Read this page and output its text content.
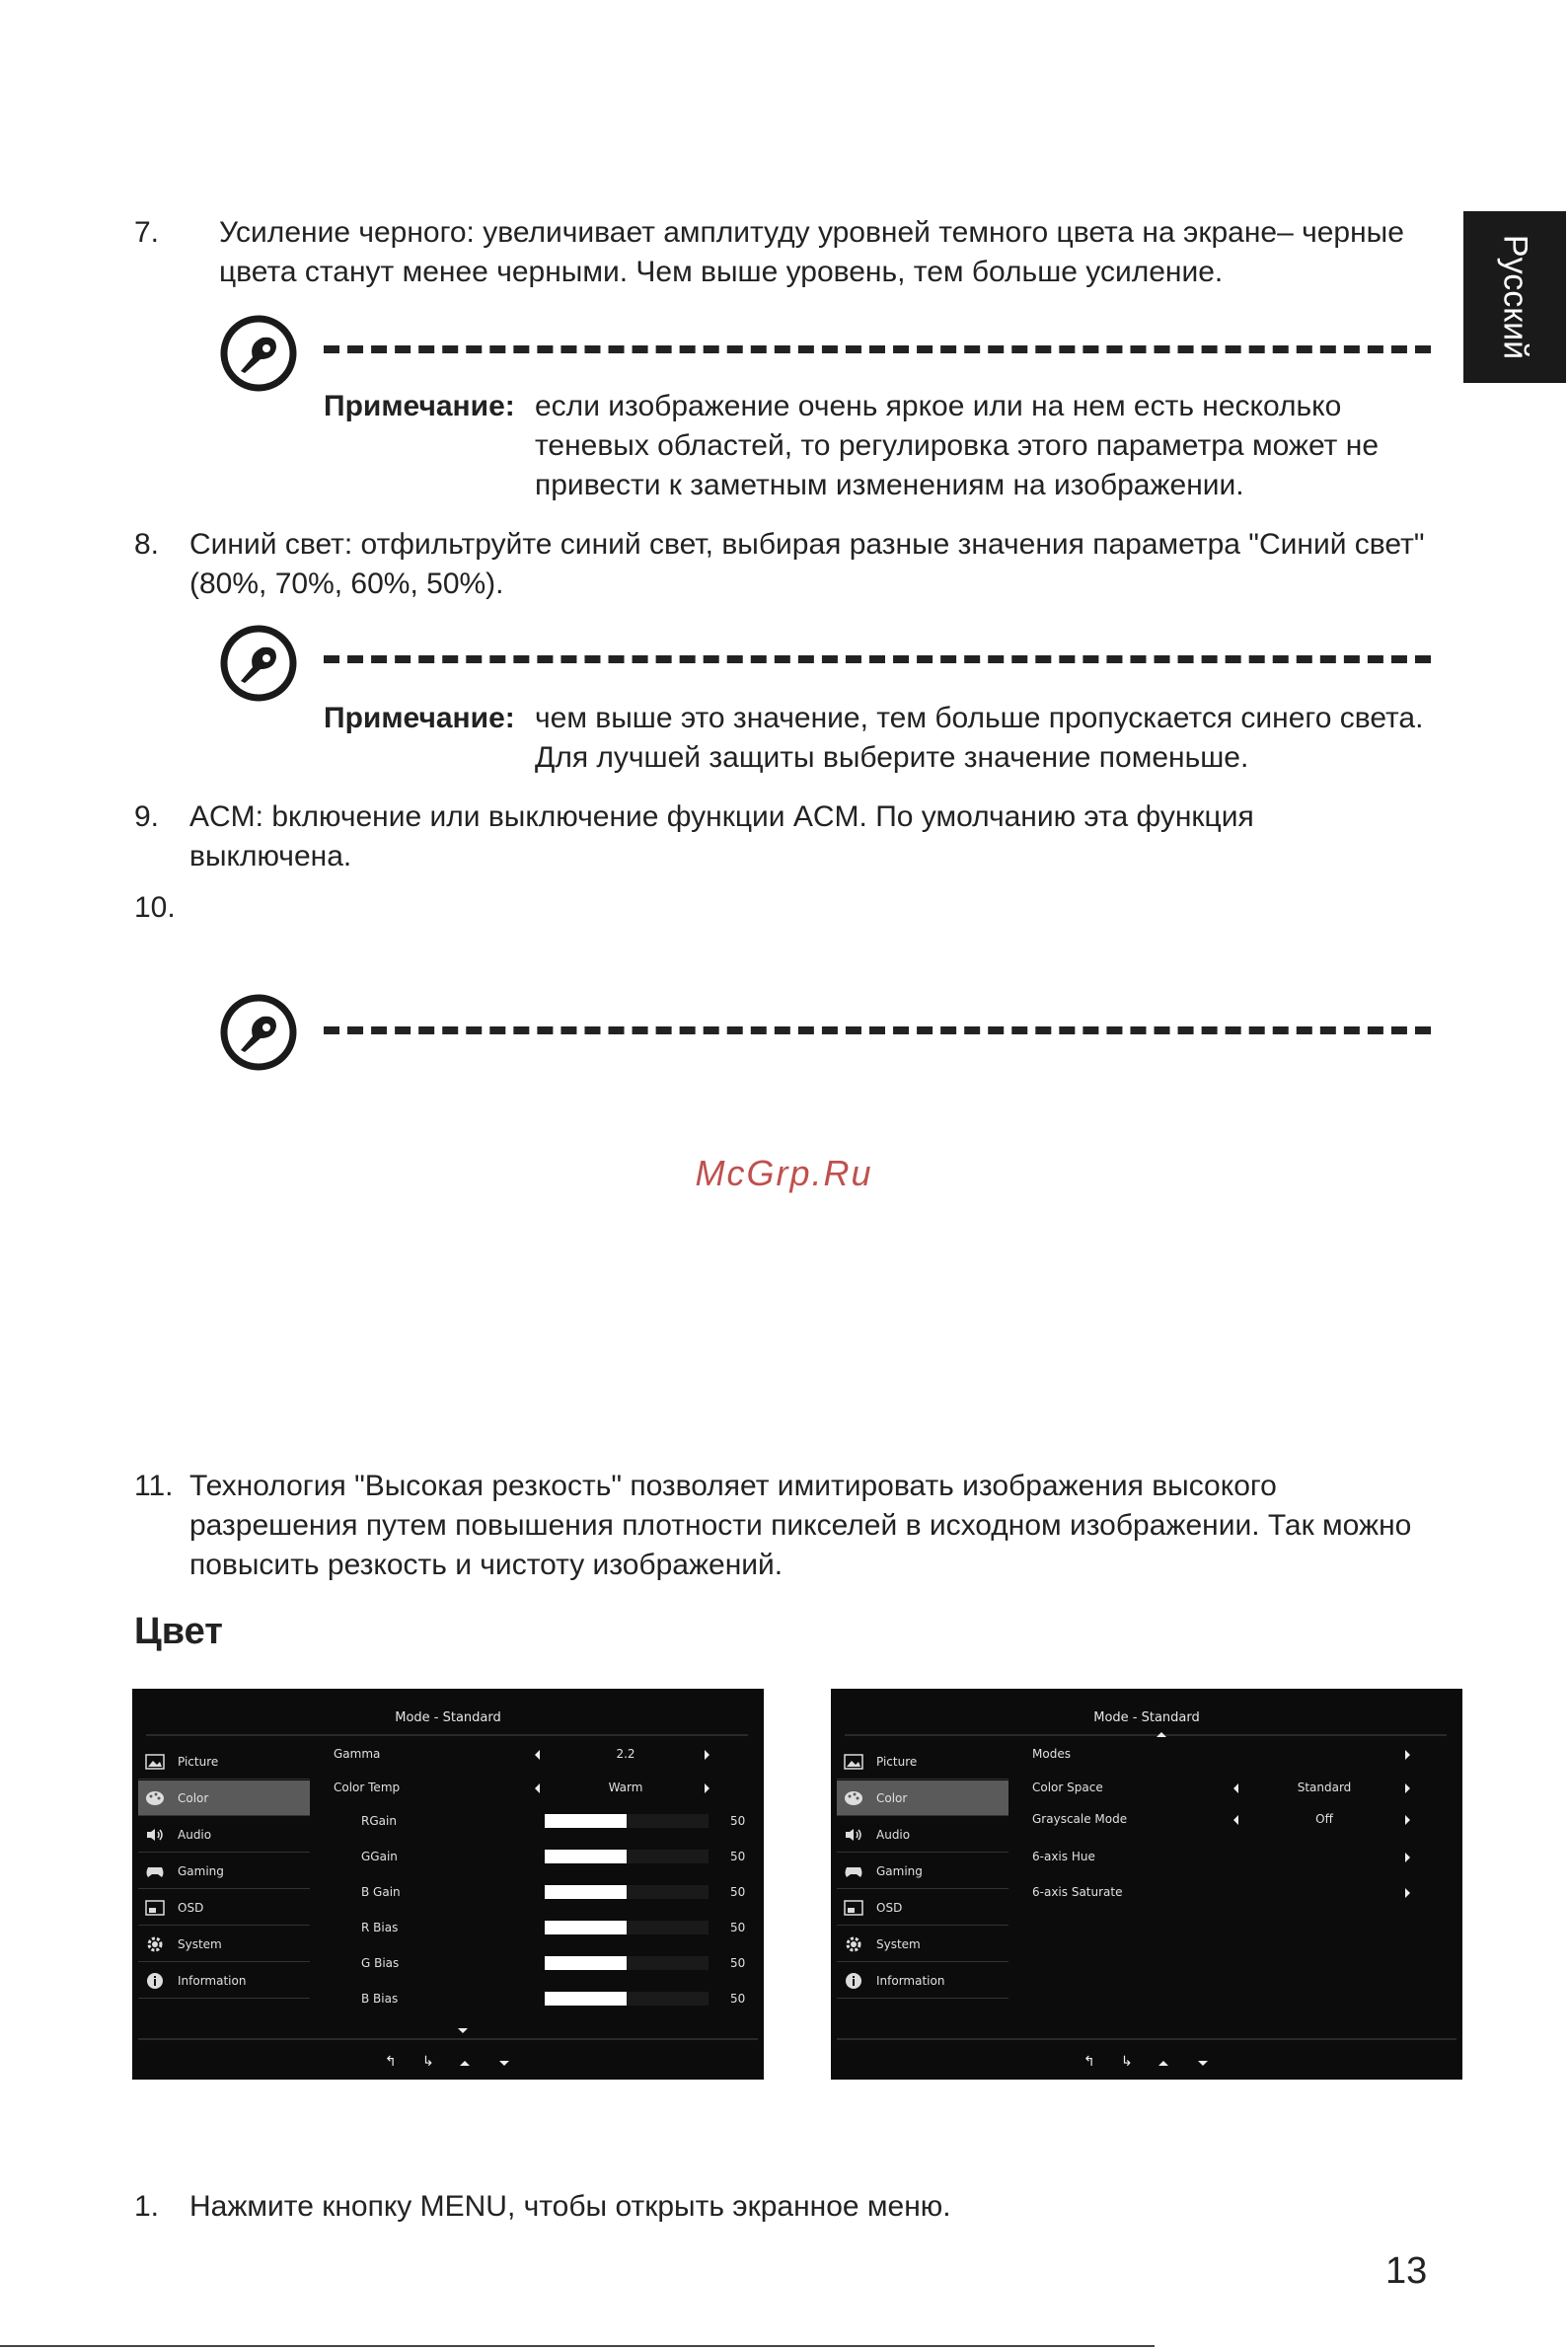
Русский
7. Усиление черного: увеличивает амплитуду уровней темного цвета на экране– черные цвета станут менее черными. Чем выше уровень, тем больше усиление.
Примечание: если изображение очень яркое или на нем есть несколько теневых областей, то регулировка этого параметра может не привести к заметным изменениям на изображении.
8. Синий свет: отфильтруйте синий свет, выбирая разные значения параметра "Синий свет" (80%, 70%, 60%, 50%).
Примечание: чем выше это значение, тем больше пропускается синего света. Для лучшей защиты выберите значение поменьше.
9. ACM: bключение или выключение функции ACM. По умолчанию эта функция выключена.
10.
McGrp.Ru
11. Технология "Высокая резкость" позволяет имитировать изображения высокого разрешения путем повышения плотности пикселей в исходном изображении. Так можно повысить резкость и чистоту изображений.
Цвет
Mode - Standard
Picture
Color
Audio
Gaming
OSD
System
Information
Gamma	2.2
Color Temp	Warm
↰ ↳
RGain	50
GGain	50
B Gain	50
R Bias	50
G Bias	50
B Bias	50
Mode - Standard
Picture
Color
Audio
Gaming
OSD
System
Information
Modes
Color Space	Standard
Grayscale Mode	Off
6-axis Hue
6-axis Saturate
↰ ↳
1. Нажмите кнопку MENU, чтобы открыть экранное меню.
13
